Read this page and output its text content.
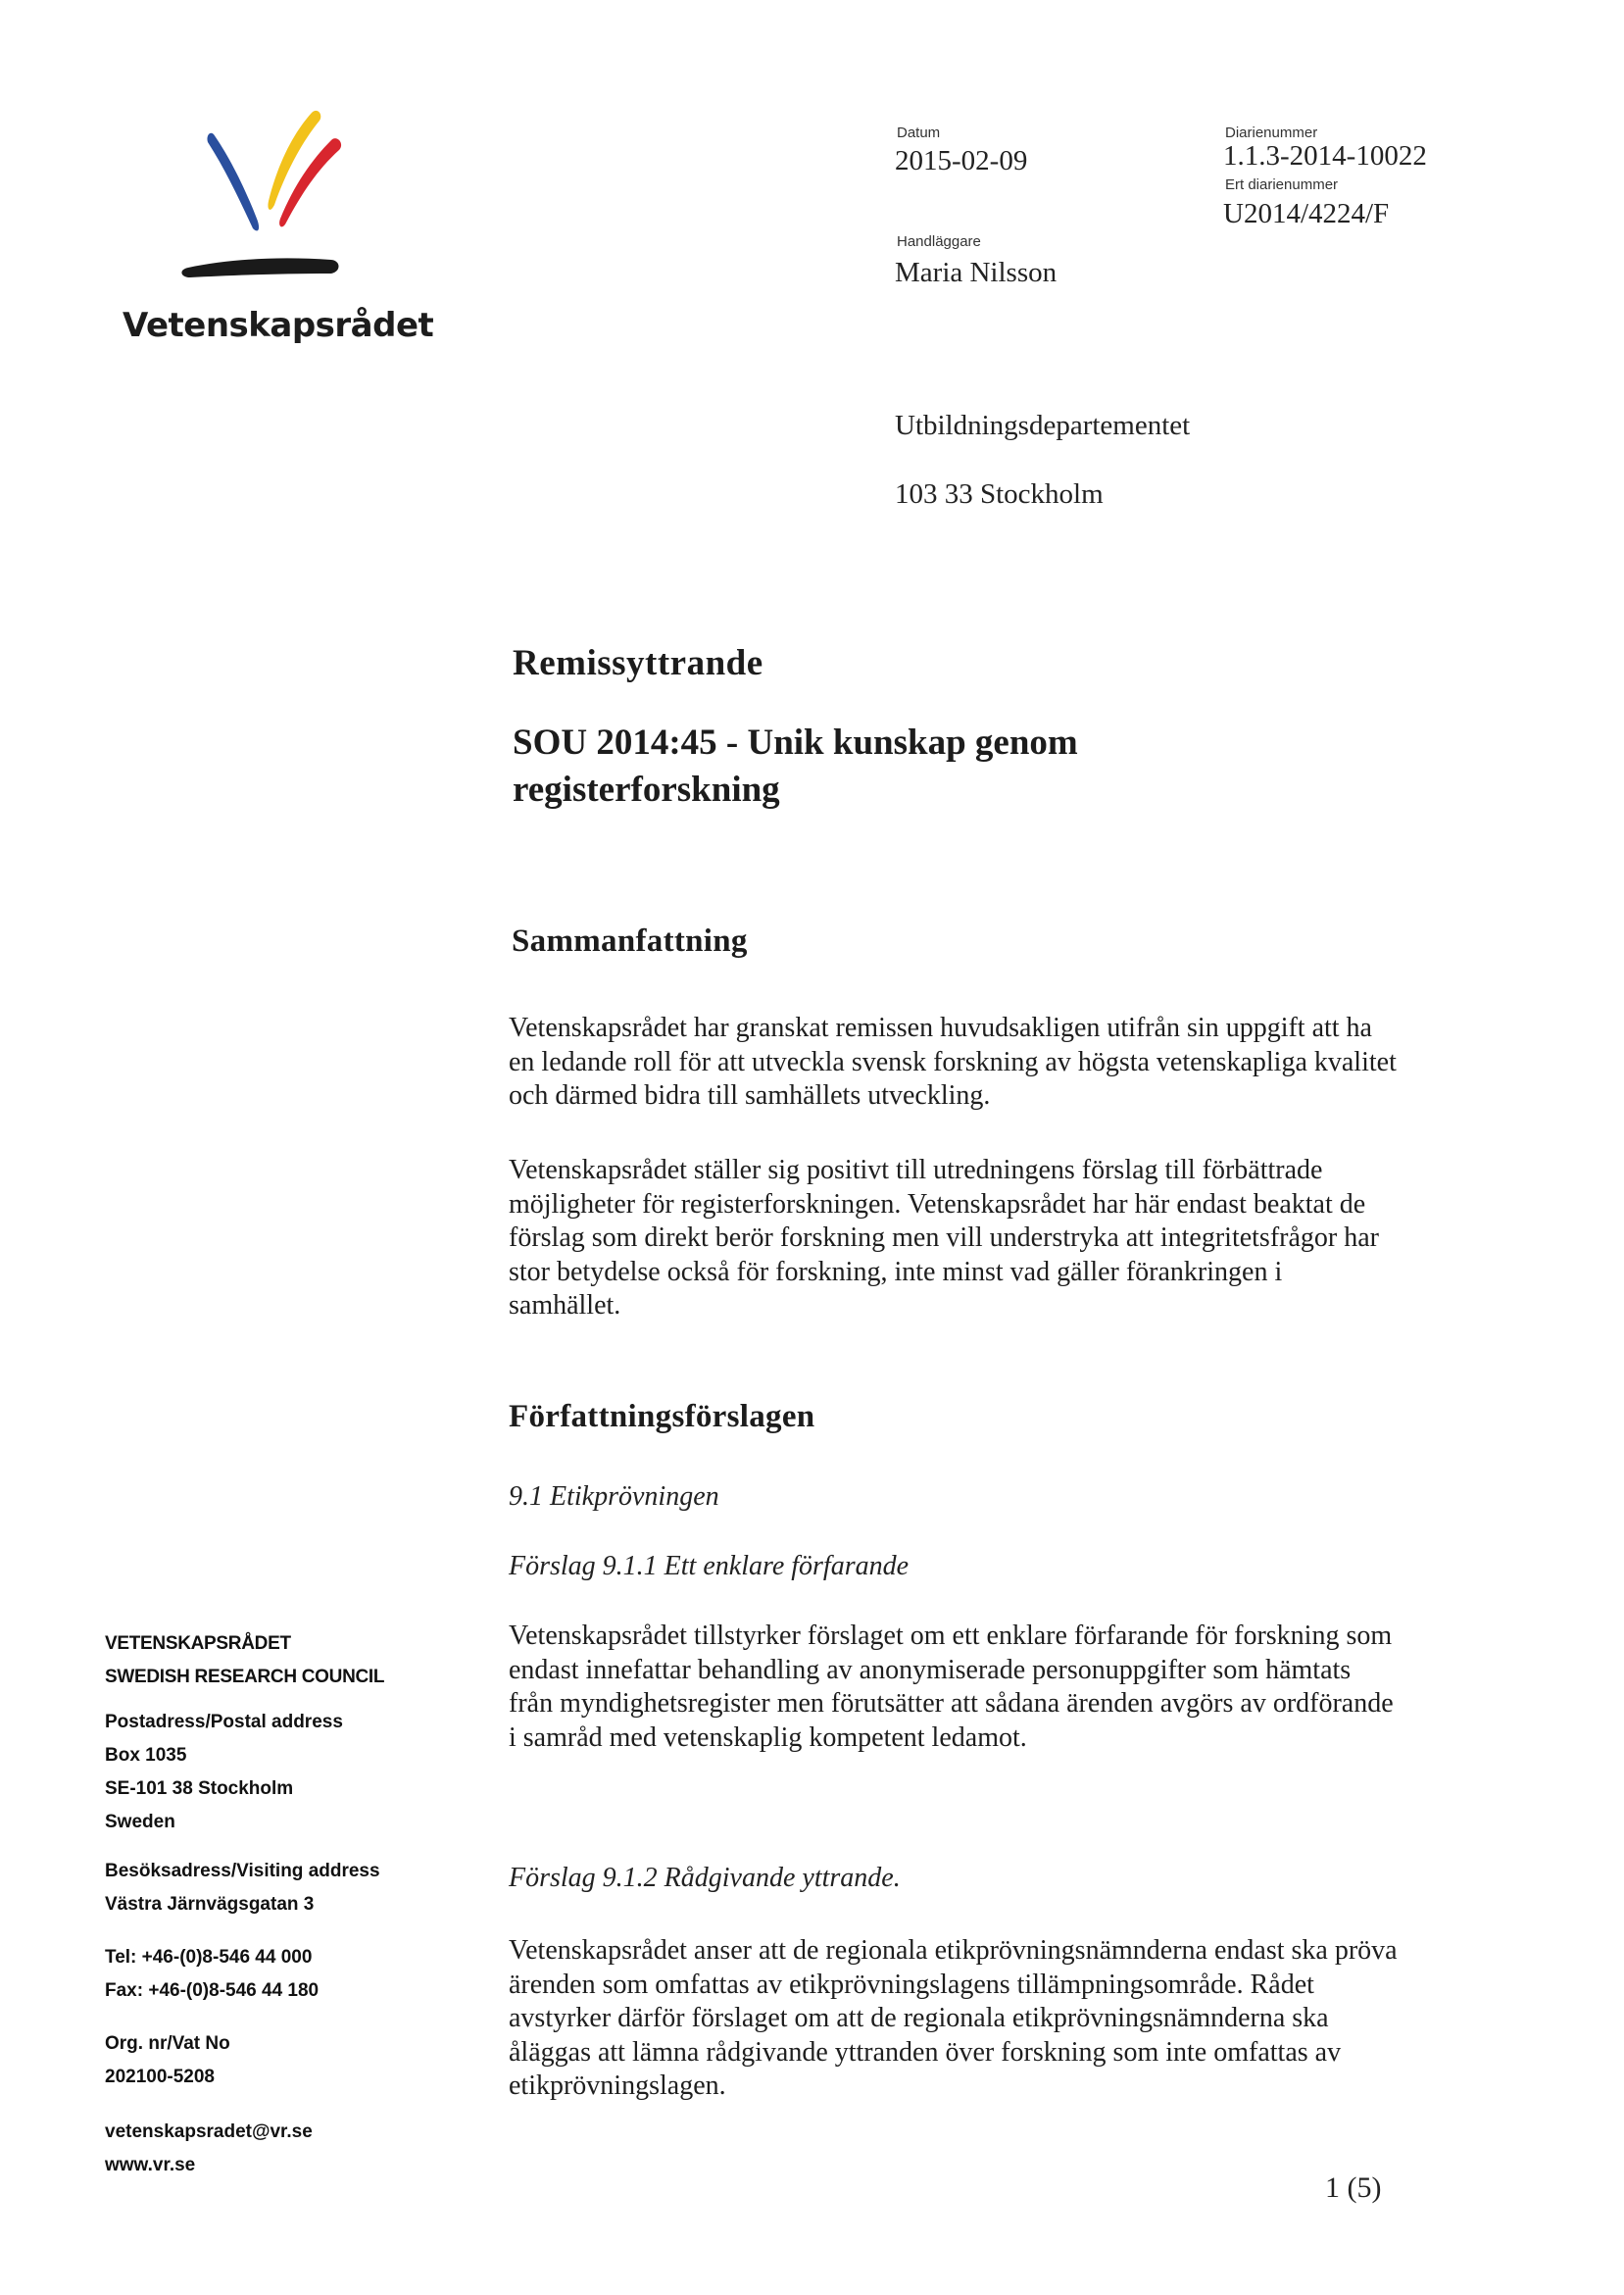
Vetenskapsrådet
Datum
2015-02-09
Diarienummer
1.1.3-2014-10022
Ert diarienummer
U2014/4224/F
Handläggare
Maria Nilsson
Utbildningsdepartementet
103 33 Stockholm
Remissyttrande
SOU 2014:45 - Unik kunskap genom registerforskning
Sammanfattning

Vetenskapsrådet har granskat remissen huvudsakligen utifrån sin uppgift att ha en ledande roll för att utveckla svensk forskning av högsta vetenskapliga kvalitet och därmed bidra till samhällets utveckling.

Vetenskapsrådet ställer sig positivt till utredningens förslag till förbättrade möjligheter för registerforskningen. Vetenskapsrådet har här endast beaktat de förslag som direkt berör forskning men vill understryka att integritetsfrågor har stor betydelse också för forskning, inte minst vad gäller förankringen i samhället.

Författningsförslagen
9.1 Etikprövningen
Förslag 9.1.1 Ett enklare förfarande

Vetenskapsrådet tillstyrker förslaget om ett enklare förfarande för forskning som endast innefattar behandling av anonymiserade personuppgifter som hämtats från myndighetsregister men förutsätter att sådana ärenden avgörs av ordförande i samråd med vetenskaplig kompetent ledamot.

Förslag 9.1.2 Rådgivande yttrande.

Vetenskapsrådet anser att de regionala etikprövningsnämnderna endast ska pröva ärenden som omfattas av etikprövningslagens tillämpningsområde. Rådet avstyrker därför förslaget om att de regionala etikprövningsnämnderna ska åläggas att lämna rådgivande yttranden över forskning som inte omfattas av etikprövningslagen.

VETENSKAPSRÅDET
SWEDISH RESEARCH COUNCIL
Postadress/Postal address
Box 1035
SE-101 38 Stockholm
Sweden
Besöksadress/Visiting address
Västra Järnvägsgatan 3
Tel: +46-(0)8-546 44 000
Fax: +46-(0)8-546 44 180
Org. nr/Vat No
202100-5208
vetenskapsradet@vr.se
www.vr.se
1 (5)
